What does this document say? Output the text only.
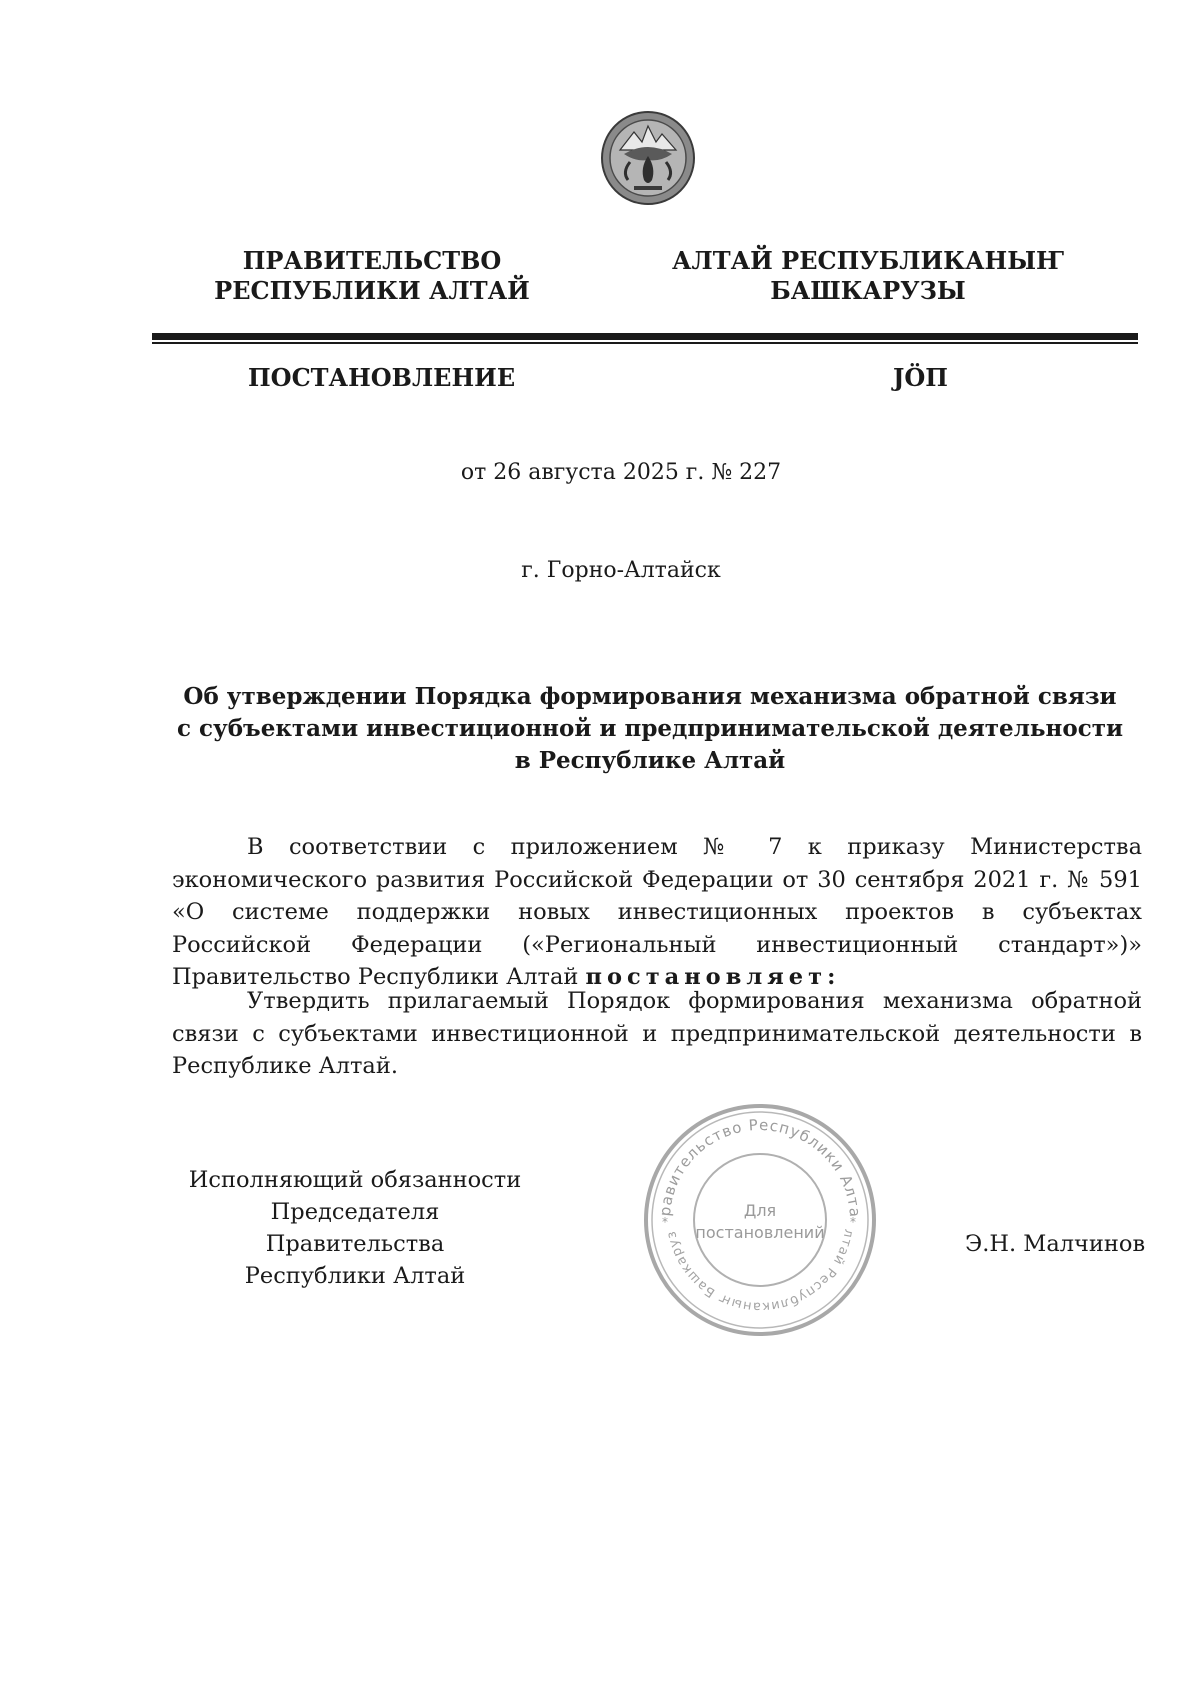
ПРАВИТЕЛЬСТВО
РЕСПУБЛИКИ АЛТАЙ
АЛТАЙ РЕСПУБЛИКАНЫҤ
БАШКАРУЗЫ
ПОСТАНОВЛЕНИЕ	JÖП
от 26 августа 2025 г. № 227
г. Горно-Алтайск
Об утверждении Порядка формирования механизма обратной связи
с субъектами инвестиционной и предпринимательской деятельности
в Республике Алтай
В соответствии с приложением № 7 к приказу Министерства экономического развития Российской Федерации от 30 сентября 2021 г. № 591 «О системе поддержки новых инвестиционных проектов в субъектах Российской Федерации («Региональный инвестиционный стандарт»)» Правительство Республики Алтай постановляет:
Утвердить прилагаемый Порядок формирования механизма обратной связи с субъектами инвестиционной и предпринимательской деятельности в Республике Алтай.
Исполняющий обязанности
Председателя Правительства
Республики Алтай
равительство Республики Алта
лтай Республиканыҥ Башкаруз
Для
постановлений
*	*
Э.Н. Малчинов
